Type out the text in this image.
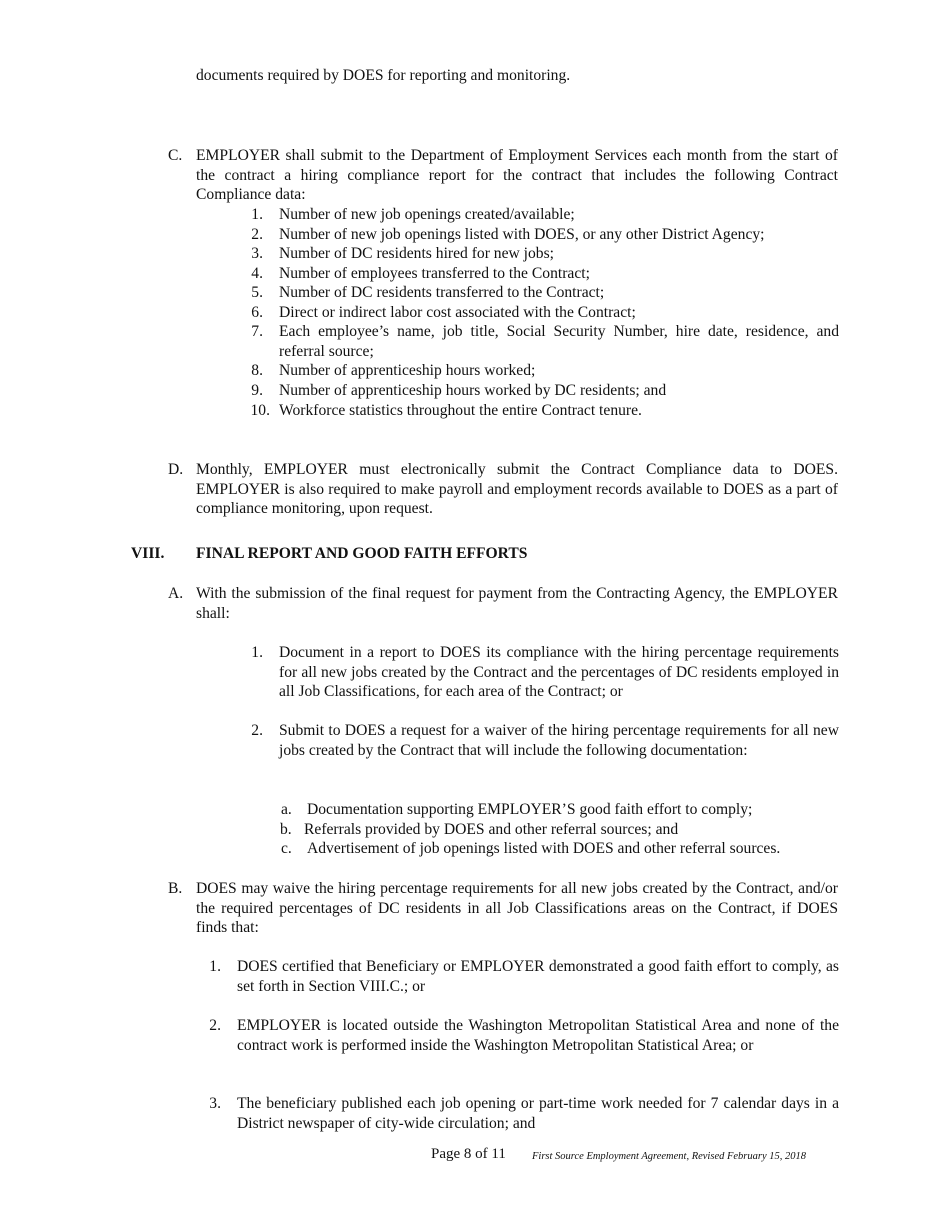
documents required by DOES for reporting and monitoring.
C. EMPLOYER shall submit to the Department of Employment Services each month from the start of the contract a hiring compliance report for the contract that includes the following Contract Compliance data:
1. Number of new job openings created/available;
2. Number of new job openings listed with DOES, or any other District Agency;
3. Number of DC residents hired for new jobs;
4. Number of employees transferred to the Contract;
5. Number of DC residents transferred to the Contract;
6. Direct or indirect labor cost associated with the Contract;
7. Each employee’s name, job title, Social Security Number, hire date, residence, and referral source;
8. Number of apprenticeship hours worked;
9. Number of apprenticeship hours worked by DC residents; and
10. Workforce statistics throughout the entire Contract tenure.
D. Monthly, EMPLOYER must electronically submit the Contract Compliance data to DOES. EMPLOYER is also required to make payroll and employment records available to DOES as a part of compliance monitoring, upon request.
VIII. FINAL REPORT AND GOOD FAITH EFFORTS
A. With the submission of the final request for payment from the Contracting Agency, the EMPLOYER shall:
1. Document in a report to DOES its compliance with the hiring percentage requirements for all new jobs created by the Contract and the percentages of DC residents employed in all Job Classifications, for each area of the Contract; or
2. Submit to DOES a request for a waiver of the hiring percentage requirements for all new jobs created by the Contract that will include the following documentation:
a. Documentation supporting EMPLOYER’S good faith effort to comply;
b. Referrals provided by DOES and other referral sources; and
c. Advertisement of job openings listed with DOES and other referral sources.
B. DOES may waive the hiring percentage requirements for all new jobs created by the Contract, and/or the required percentages of DC residents in all Job Classifications areas on the Contract, if DOES finds that:
1. DOES certified that Beneficiary or EMPLOYER demonstrated a good faith effort to comply, as set forth in Section VIII.C.; or
2. EMPLOYER is located outside the Washington Metropolitan Statistical Area and none of the contract work is performed inside the Washington Metropolitan Statistical Area; or
3. The beneficiary published each job opening or part-time work needed for 7 calendar days in a District newspaper of city-wide circulation; and
Page 8 of 11 First Source Employment Agreement, Revised February 15, 2018
